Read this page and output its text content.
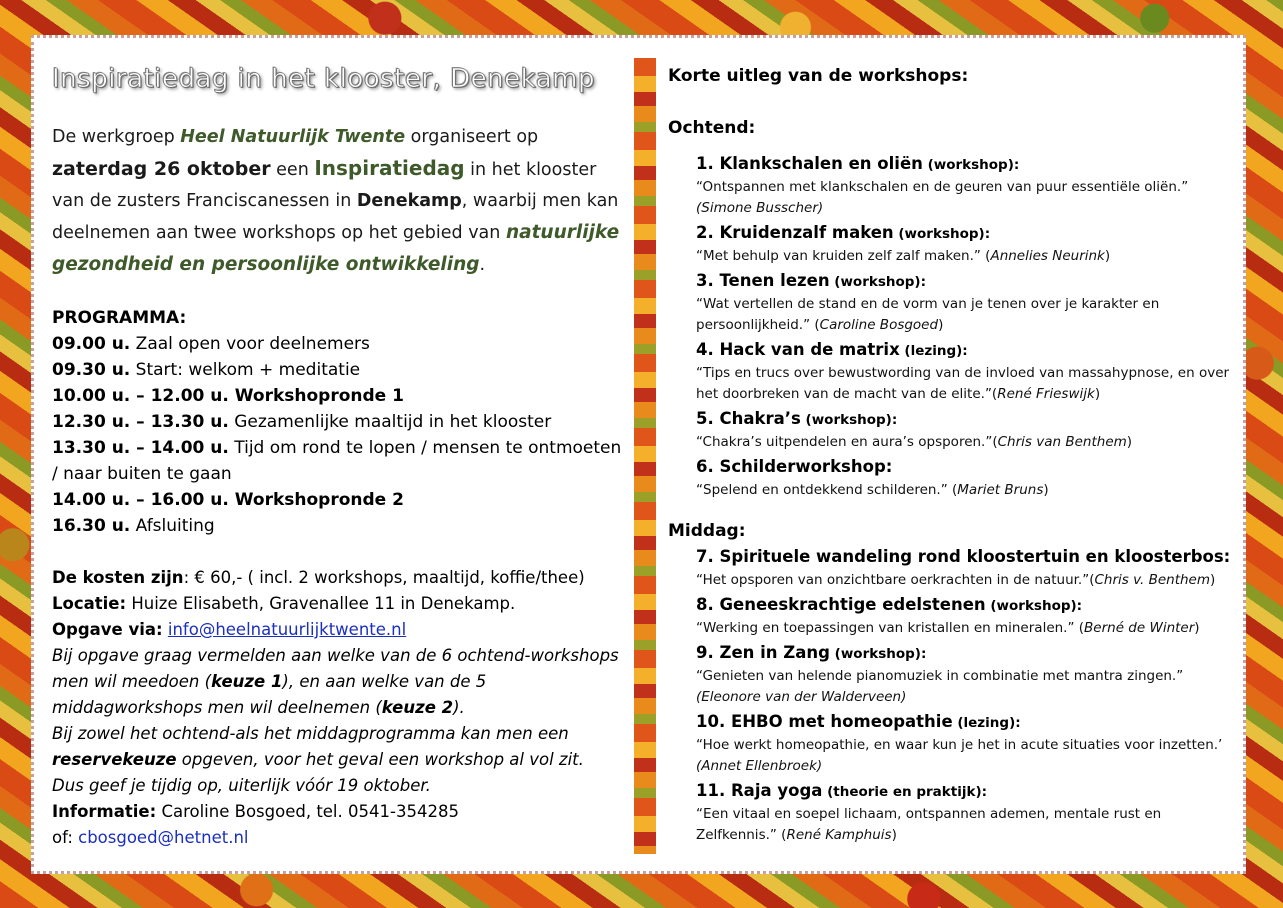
Inspiratiedag in het klooster, Denekamp

De werkgroep Heel Natuurlijk Twente organiseert op
zaterdag 26 oktober een Inspiratiedag in het klooster van de zusters Franciscanessen in Denekamp, waarbij men kan deelnemen aan twee workshops op het gebied van natuurlijke gezondheid en persoonlijke ontwikkeling.

PROGRAMMA:

09.00 u. Zaal open voor deelnemers

09.30 u. Start: welkom + meditatie

10.00 u. – 12.00 u. Workshopronde 1

12.30 u. – 13.30 u. Gezamenlijke maaltijd in het klooster

13.30 u. – 14.00 u. Tijd om rond te lopen / mensen te ontmoeten / naar buiten te gaan

14.00 u. – 16.00 u. Workshopronde 2

16.30 u. Afsluiting

De kosten zijn: € 60,- ( incl. 2 workshops, maaltijd, koffie/thee)

Locatie: Huize Elisabeth, Gravenallee 11 in Denekamp.

Opgave via: info@heelnatuurlijktwente.nl

Bij opgave graag vermelden aan welke van de 6 ochtend-workshops men wil meedoen (keuze 1), en aan welke van de 5 middagworkshops men wil deelnemen (keuze 2).

Bij zowel het ochtend-als het middagprogramma kan men een reservekeuze opgeven, voor het geval een workshop al vol zit.

Dus geef je tijdig op, uiterlijk vóór 19 oktober.

Informatie: Caroline Bosgoed, tel. 0541-354285

of: cbosgoed@hetnet.nl

Korte uitleg van de workshops:

Ochtend:

1. Klankschalen en oliën (workshop):

“Ontspannen met klankschalen en de geuren van puur essentiële oliën.” (Simone Busscher)

2. Kruidenzalf maken (workshop):

“Met behulp van kruiden zelf zalf maken.” (Annelies Neurink)

3. Tenen lezen (workshop):

“Wat vertellen de stand en de vorm van je tenen over je karakter en persoonlijkheid.” (Caroline Bosgoed)

4. Hack van de matrix (lezing):

“Tips en trucs over bewustwording van de invloed van massahypnose, en over het doorbreken van de macht van de elite.”(René Frieswijk)

5. Chakra’s (workshop):

“Chakra’s uitpendelen en aura’s opsporen.”(Chris van Benthem)

6. Schilderworkshop:

“Spelend en ontdekkend schilderen.” (Mariet Bruns)

Middag:

7. Spirituele wandeling rond kloostertuin en kloosterbos:

“Het opsporen van onzichtbare oerkrachten in de natuur.”(Chris v. Benthem)

8. Geneeskrachtige edelstenen (workshop):

“Werking en toepassingen van kristallen en mineralen.” (Berné de Winter)

9. Zen in Zang (workshop):

“Genieten van helende pianomuziek in combinatie met mantra zingen.” (Eleonore van der Walderveen)

10. EHBO met homeopathie (lezing):

“Hoe werkt homeopathie, en waar kun je het in acute situaties voor inzetten.’ (Annet Ellenbroek)

11. Raja yoga (theorie en praktijk):

“Een vitaal en soepel lichaam, ontspannen ademen, mentale rust en Zelfkennis.” (René Kamphuis)
